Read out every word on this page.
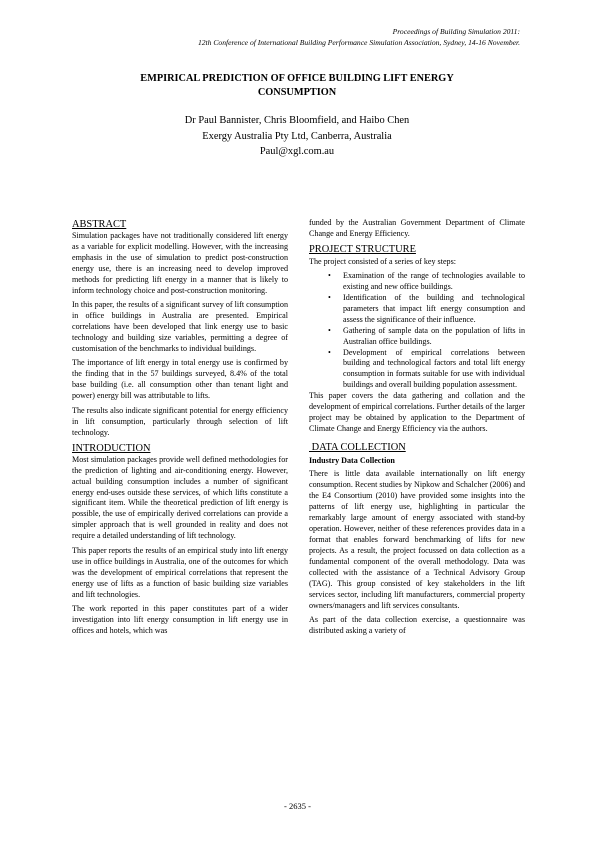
Proceedings of Building Simulation 2011:
12th Conference of International Building Performance Simulation Association, Sydney, 14-16 November.
EMPIRICAL PREDICTION OF OFFICE BUILDING LIFT ENERGY
CONSUMPTION
Dr Paul Bannister, Chris Bloomfield, and Haibo Chen
Exergy Australia Pty Ltd, Canberra, Australia
Paul@xgl.com.au
ABSTRACT

Simulation packages have not traditionally considered lift energy as a variable for explicit modelling. However, with the increasing emphasis in the use of simulation to predict post-construction energy use, there is an increasing need to develop improved methods for predicting lift energy in a manner that is likely to inform technology choice and post-construction monitoring.

In this paper, the results of a significant survey of lift consumption in office buildings in Australia are presented. Empirical correlations have been developed that link energy use to basic technology and building size variables, permitting a degree of customisation of the benchmarks to individual buildings.

The importance of lift energy in total energy use is confirmed by the finding that in the 57 buildings surveyed, 8.4% of the total base building (i.e. all consumption other than tenant light and power) energy bill was attributable to lifts.

The results also indicate significant potential for energy efficiency in lift consumption, particularly through selection of lift technology.

INTRODUCTION

Most simulation packages provide well defined methodologies for the prediction of lighting and air-conditioning energy. However, actual building consumption includes a number of significant energy end-uses outside these services, of which lifts constitute a significant item. While the theoretical prediction of lift energy is possible, the use of empirically derived correlations can provide a simpler approach that is well grounded in reality and does not require a detailed understanding of lift technology.

This paper reports the results of an empirical study into lift energy use in office buildings in Australia, one of the outcomes for which was the development of empirical correlations that represent the energy use of lifts as a function of basic building size variables and lift technologies.

The work reported in this paper constitutes part of a wider investigation into lift energy consumption in lift energy use in offices and hotels, which was

funded by the Australian Government Department of Climate Change and Energy Efficiency.

PROJECT STRUCTURE

The project consisted of a series of key steps:

• Examination of the range of technologies available to existing and new office buildings.
• Identification of the building and technological parameters that impact lift energy consumption and assess the significance of their influence.
• Gathering of sample data on the population of lifts in Australian office buildings.
• Development of empirical correlations between building and technological factors and total lift energy consumption in formats suitable for use with individual buildings and overall building population assessment.

This paper covers the data gathering and collation and the development of empirical correlations. Further details of the larger project may be obtained by application to the Department of Climate Change and Energy Efficiency via the authors.

DATA COLLECTION
Industry Data Collection

There is little data available internationally on lift energy consumption. Recent studies by Nipkow and Schalcher (2006) and the E4 Consortium (2010) have provided some insights into the patterns of lift energy use, highlighting in particular the remarkably large amount of energy associated with stand-by operation. However, neither of these references provides data in a format that enables forward benchmarking of lifts for new projects. As a result, the project focussed on data collection as a fundamental component of the overall methodology. Data was collected with the assistance of a Technical Advisory Group (TAG). This group consisted of key stakeholders in the lift services sector, including lift manufacturers, commercial property owners/managers and lift services consultants.

As part of the data collection exercise, a questionnaire was distributed asking a variety of

- 2635 -
